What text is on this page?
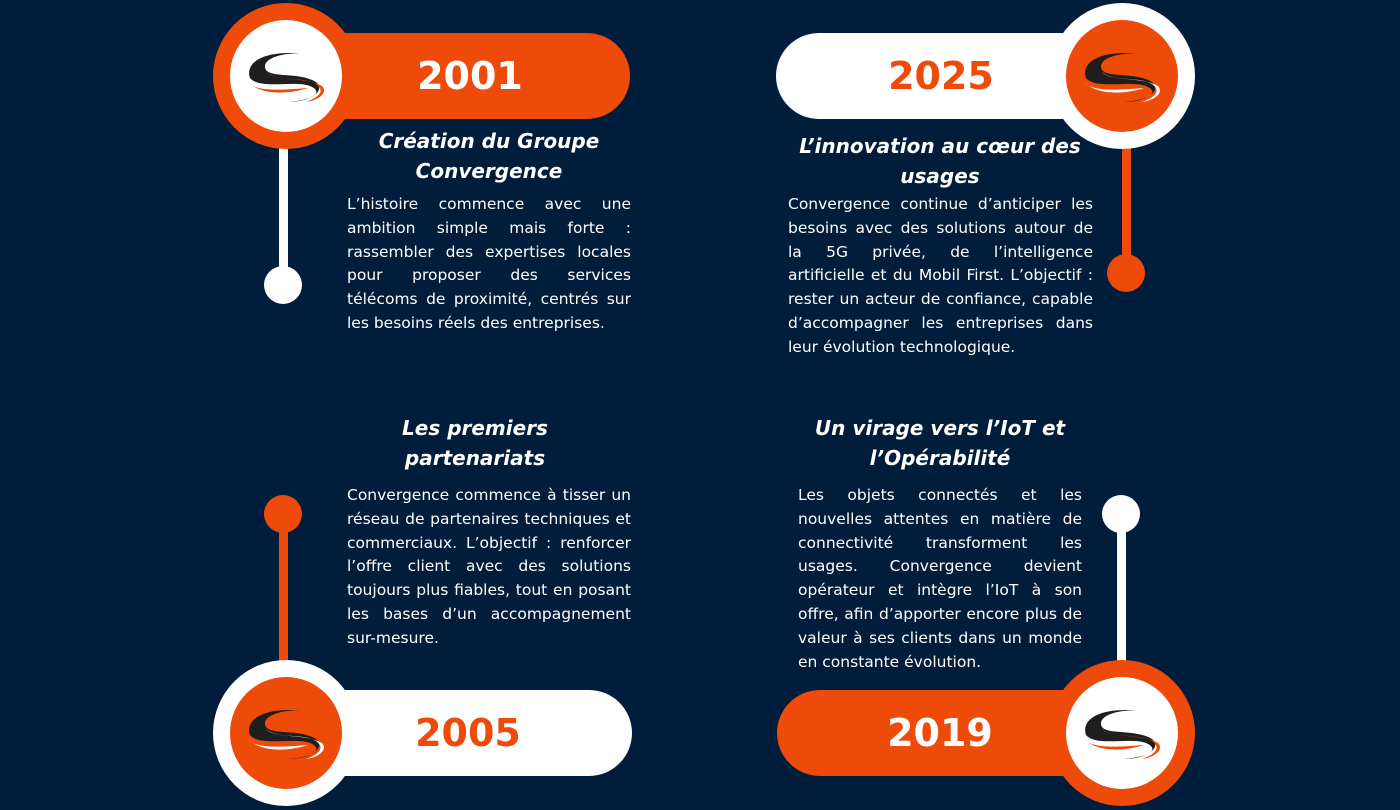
2001
Création du Groupe Convergence
L’histoire commence avec une ambition simple mais forte : rassembler des expertises locales pour proposer des services télécoms de proximité, centrés sur les besoins réels des entreprises.
2025
L’innovation au cœur des usages
Convergence continue d’anticiper les besoins avec des solutions autour de la 5G privée, de l’intelligence artificielle et du Mobil First. L’objectif : rester un acteur de confiance, capable d’accompagner les entreprises dans leur évolution technologique.
2005
Les premiers partenariats
Convergence commence à tisser un réseau de partenaires techniques et commerciaux. L’objectif : renforcer l’offre client avec des solutions toujours plus fiables, tout en posant les bases d’un accompagnement sur-mesure.
2019
Un virage vers l’IoT et l’Opérabilité
Les objets connectés et les nouvelles attentes en matière de connectivité transforment les usages. Convergence devient opérateur et intègre l’IoT à son offre, afin d’apporter encore plus de valeur à ses clients dans un monde en constante évolution.
